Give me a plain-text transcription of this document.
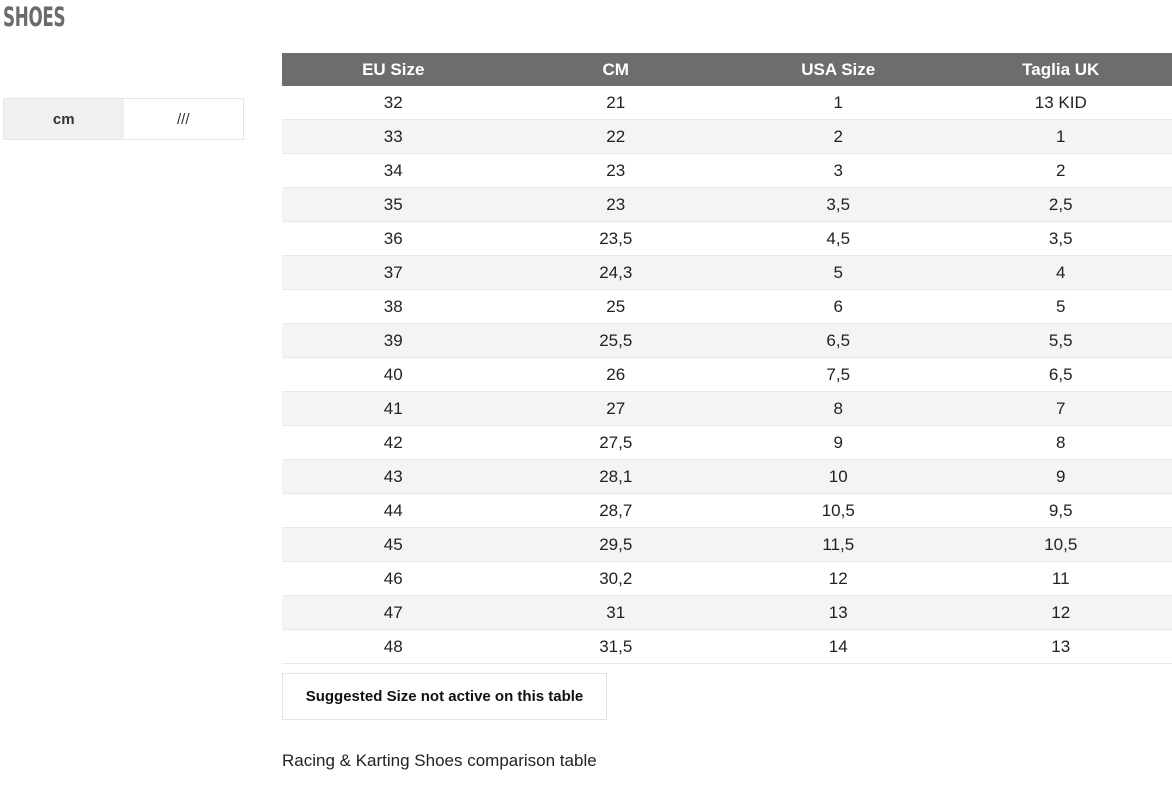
SHOES
cm	///
EU Size	CM	USA Size	Taglia UK
32	21	1	13 KID
33	22	2	1
34	23	3	2
35	23	3,5	2,5
36	23,5	4,5	3,5
37	24,3	5	4
38	25	6	5
39	25,5	6,5	5,5
40	26	7,5	6,5
41	27	8	7
42	27,5	9	8
43	28,1	10	9
44	28,7	10,5	9,5
45	29,5	11,5	10,5
46	30,2	12	11
47	31	13	12
48	31,5	14	13
Suggested Size not active on this table
Racing & Karting Shoes comparison table
